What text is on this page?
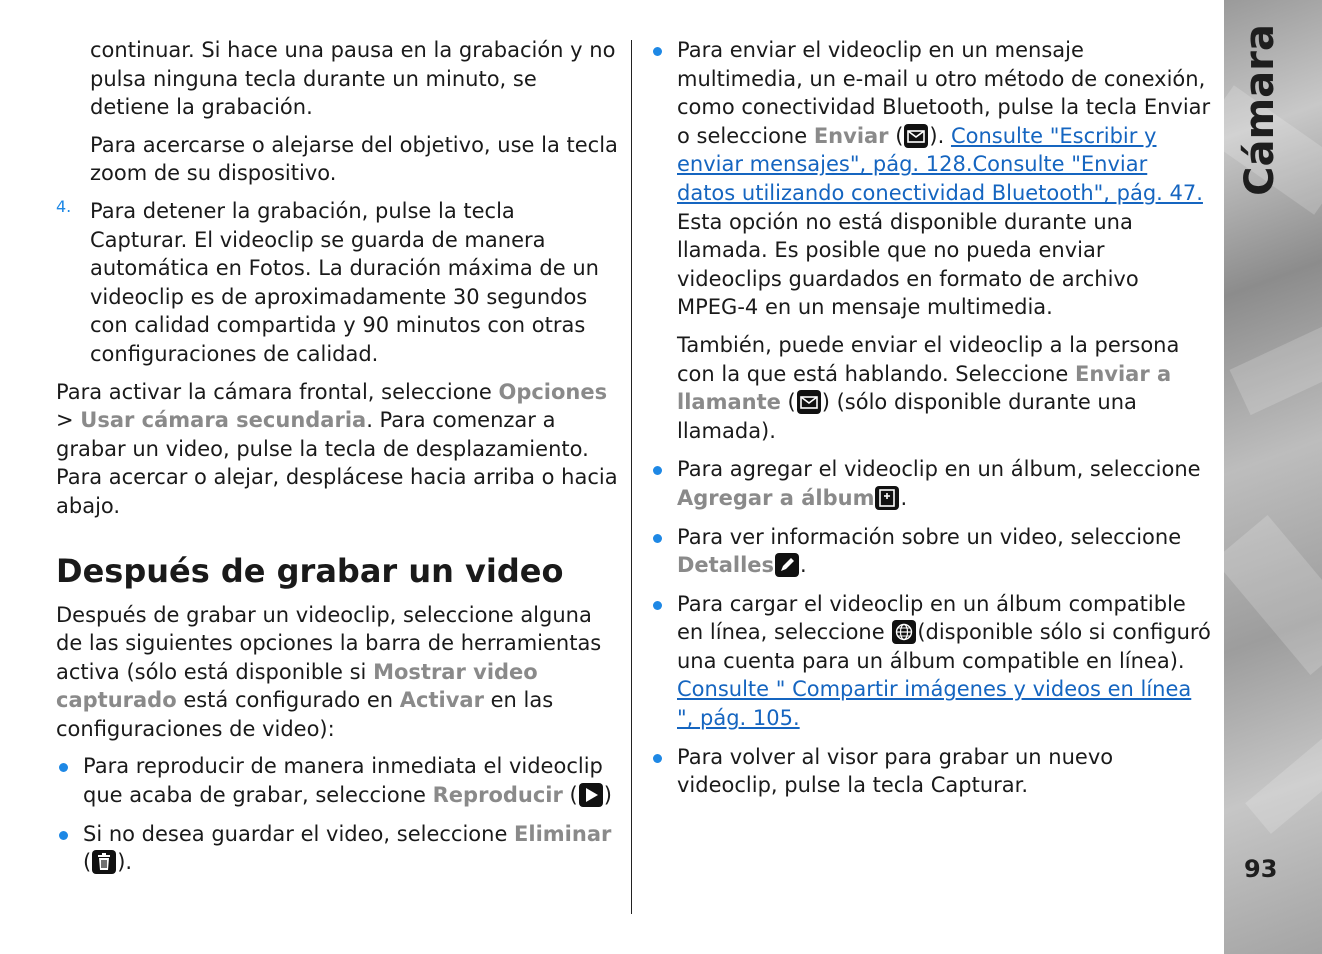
Cámara
93

continuar. Si hace una pausa en la grabación y no pulsa ninguna tecla durante un minuto, se detiene la grabación.

Para acercarse o alejarse del objetivo, use la tecla zoom de su dispositivo.

4. Para detener la grabación, pulse la tecla Capturar. El videoclip se guarda de manera automática en Fotos. La duración máxima de un videoclip es de aproximadamente 30 segundos con calidad compartida y 90 minutos con otras configuraciones de calidad.

Para activar la cámara frontal, seleccione Opciones > Usar cámara secundaria. Para comenzar a grabar un video, pulse la tecla de desplazamiento. Para acercar o alejar, desplácese hacia arriba o hacia abajo.

Después de grabar un video

Después de grabar un videoclip, seleccione alguna de las siguientes opciones la barra de herramientas activa (sólo está disponible si Mostrar video capturado está configurado en Activar en las configuraciones de video):

Para reproducir de manera inmediata el videoclip que acaba de grabar, seleccione Reproducir ( )

Si no desea guardar el video, seleccione Eliminar
( ).

Para enviar el videoclip en un mensaje multimedia, un e-mail u otro método de conexión, como conectividad Bluetooth, pulse la tecla Enviar o seleccione Enviar ( ). Consulte "Escribir y enviar mensajes", pág. 128.Consulte "Enviar datos utilizando conectividad Bluetooth", pág. 47. Esta opción no está disponible durante una llamada. Es posible que no pueda enviar videoclips guardados en formato de archivo MPEG-4 en un mensaje multimedia.

También, puede enviar el videoclip a la persona con la que está hablando. Seleccione Enviar a llamante ( ) (sólo disponible durante una llamada).

Para agregar el videoclip en un álbum, seleccione Agregar a álbum .

Para ver información sobre un video, seleccione Detalles .

Para cargar el videoclip en un álbum compatible en línea, seleccione
(disponible sólo si configuró una cuenta para un álbum compatible en línea). Consulte " Compartir imágenes y videos en línea ", pág. 105.

Para volver al visor para grabar un nuevo videoclip, pulse la tecla Capturar.
